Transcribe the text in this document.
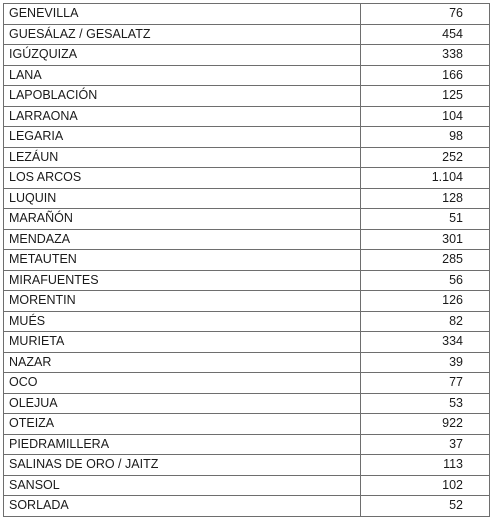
GENEVILLA	76
GUESÁLAZ / GESALATZ	454
IGÚZQUIZA	338
LANA	166
LAPOBLACIÓN	125
LARRAONA	104
LEGARIA	98
LEZÁUN	252
LOS ARCOS	1.104
LUQUIN	128
MARAÑÓN	51
MENDAZA	301
METAUTEN	285
MIRAFUENTES	56
MORENTIN	126
MUÉS	82
MURIETA	334
NAZAR	39
OCO	77
OLEJUA	53
OTEIZA	922
PIEDRAMILLERA	37
SALINAS DE ORO / JAITZ	113
SANSOL	102
SORLADA	52
